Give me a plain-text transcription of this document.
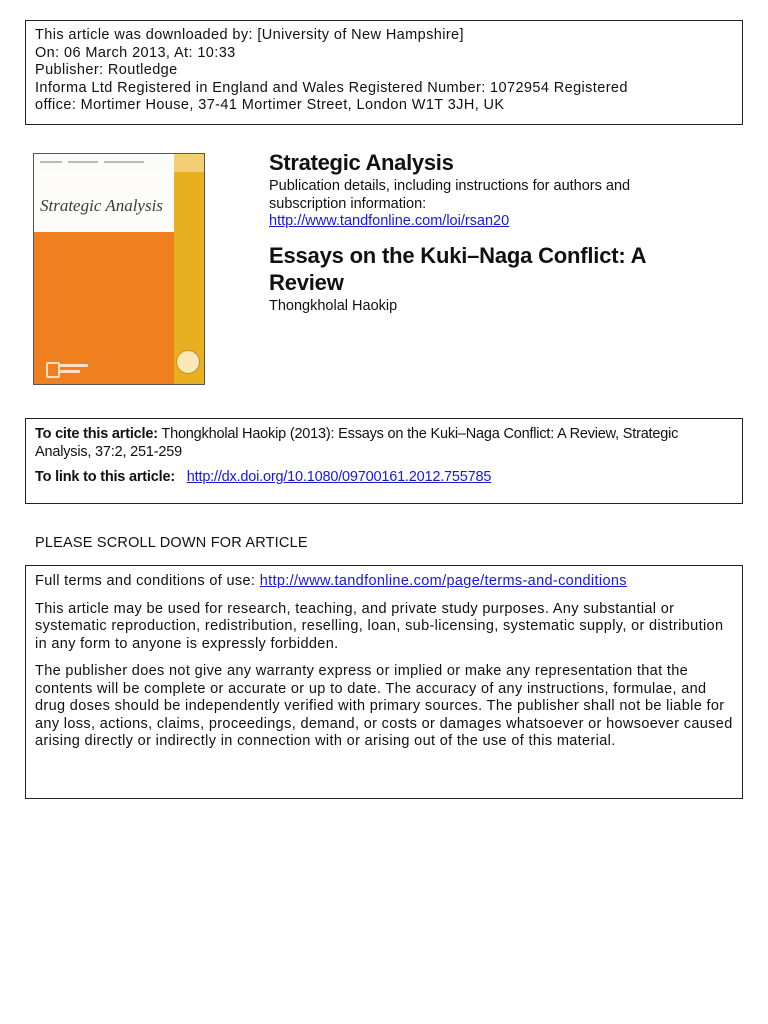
This article was downloaded by: [University of New Hampshire]
On: 06 March 2013, At: 10:33
Publisher: Routledge
Informa Ltd Registered in England and Wales Registered Number: 1072954 Registered
office: Mortimer House, 37-41 Mortimer Street, London W1T 3JH, UK
Strategic Analysis
Strategic Analysis
Publication details, including instructions for authors and subscription information:
http://www.tandfonline.com/loi/rsan20
Essays on the Kuki–Naga Conflict: A Review
Thongkholal Haokip
To cite this article: Thongkholal Haokip (2013): Essays on the Kuki–Naga Conflict: A Review, Strategic Analysis, 37:2, 251-259
To link to this article: http://dx.doi.org/10.1080/09700161.2012.755785
PLEASE SCROLL DOWN FOR ARTICLE

Full terms and conditions of use: http://www.tandfonline.com/page/terms-and-conditions

This article may be used for research, teaching, and private study purposes. Any substantial or systematic reproduction, redistribution, reselling, loan, sub-licensing, systematic supply, or distribution in any form to anyone is expressly forbidden.

The publisher does not give any warranty express or implied or make any representation that the contents will be complete or accurate or up to date. The accuracy of any instructions, formulae, and drug doses should be independently verified with primary sources. The publisher shall not be liable for any loss, actions, claims, proceedings, demand, or costs or damages whatsoever or howsoever caused arising directly or indirectly in connection with or arising out of the use of this material.
